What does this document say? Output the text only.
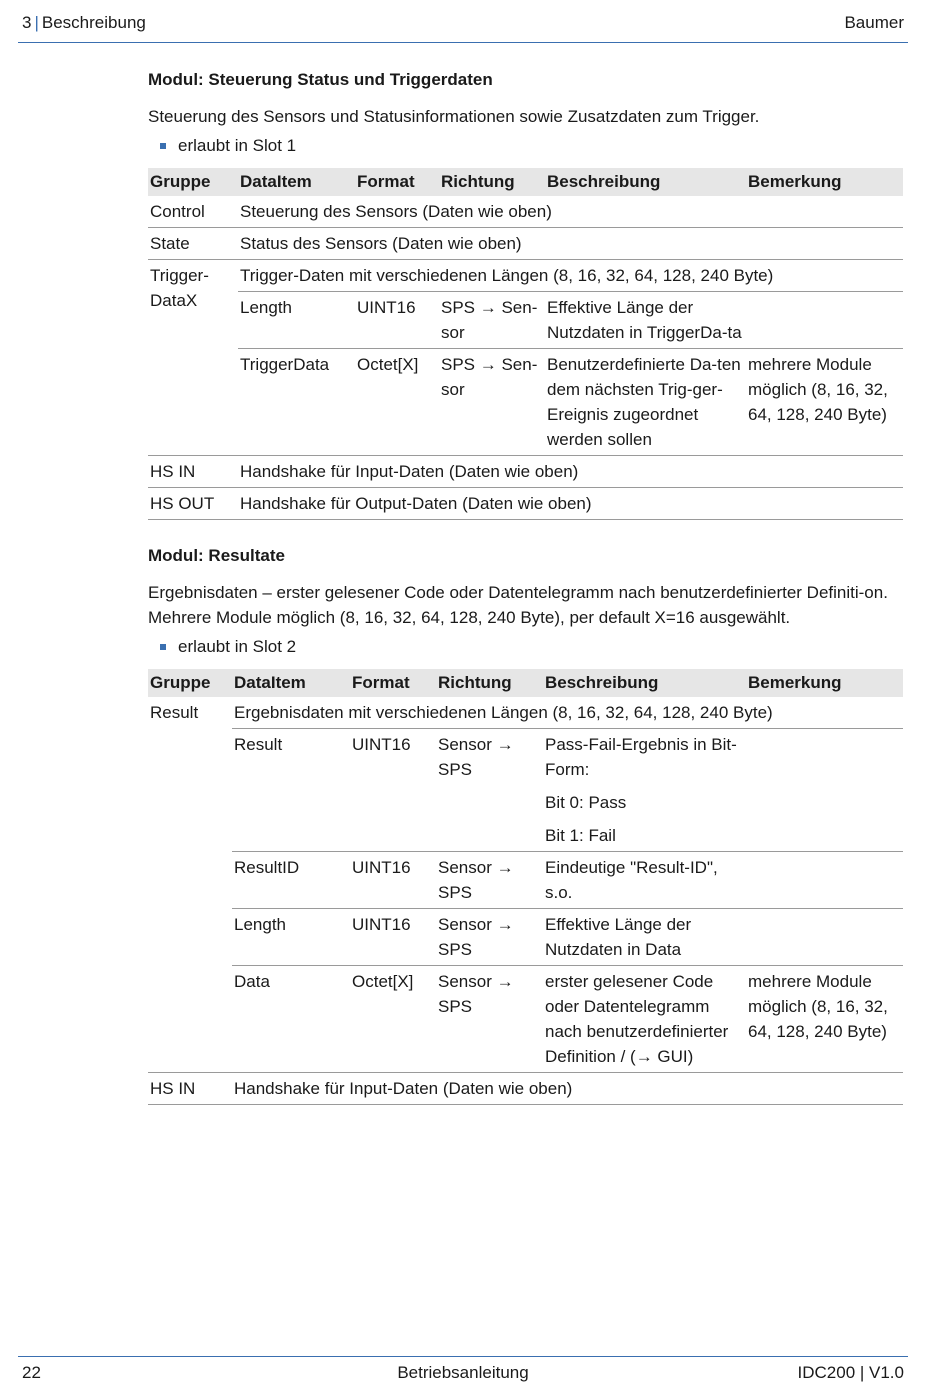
3 | Beschreibung	Baumer
Modul: Steuerung Status und Triggerdaten

Steuerung des Sensors und Statusinformationen sowie Zusatzdaten zum Trigger.

erlaubt in Slot 1
Gruppe	DataItem	Format	Richtung	Beschreibung	Bemerkung
Control	Steuerung des Sensors (Daten wie oben)				
State	Status des Sensors (Daten wie oben)				
Trigger-
DataX	Trigger-Daten mit verschiedenen Längen (8, 16, 32, 64, 128, 240 Byte)				
	Length	UINT16	SPS → Sen-sor	Effektive Länge der Nutzdaten in TriggerDa-ta	
	TriggerData	Octet[X]	SPS → Sen-sor	Benutzerdefinierte Da-ten dem nächsten Trig-ger-Ereignis zugeordnet werden sollen	mehrere Module möglich (8, 16, 32, 64, 128, 240 Byte)
HS IN	Handshake für Input-Daten (Daten wie oben)				
HS OUT	Handshake für Output-Daten (Daten wie oben)				
Modul: Resultate

Ergebnisdaten – erster gelesener Code oder Datentelegramm nach benutzerdefinierter Definiti-on. Mehrere Module möglich (8, 16, 32, 64, 128, 240 Byte), per default X=16 ausgewählt.

erlaubt in Slot 2
Gruppe	DataItem	Format	Richtung	Beschreibung	Bemerkung
Result	Ergebnisdaten mit verschiedenen Längen (8, 16, 32, 64, 128, 240 Byte)				
	Result	UINT16	Sensor → SPS	Pass-Fail-Ergebnis in Bit-Form:
Bit 0: Pass
Bit 1: Fail	

	ResultID	UINT16	Sensor → SPS	Eindeutige "Result-ID", s.o.	
	Length	UINT16	Sensor → SPS	Effektive Länge der Nutzdaten in Data	
	Data	Octet[X]	Sensor → SPS	erster gelesener Code oder Datentelegramm nach benutzerdefinierter Definition / (→ GUI)	mehrere Module möglich (8, 16, 32, 64, 128, 240 Byte)
HS IN	Handshake für Input-Daten (Daten wie oben)				
22	Betriebsanleitung	IDC200 | V1.0
